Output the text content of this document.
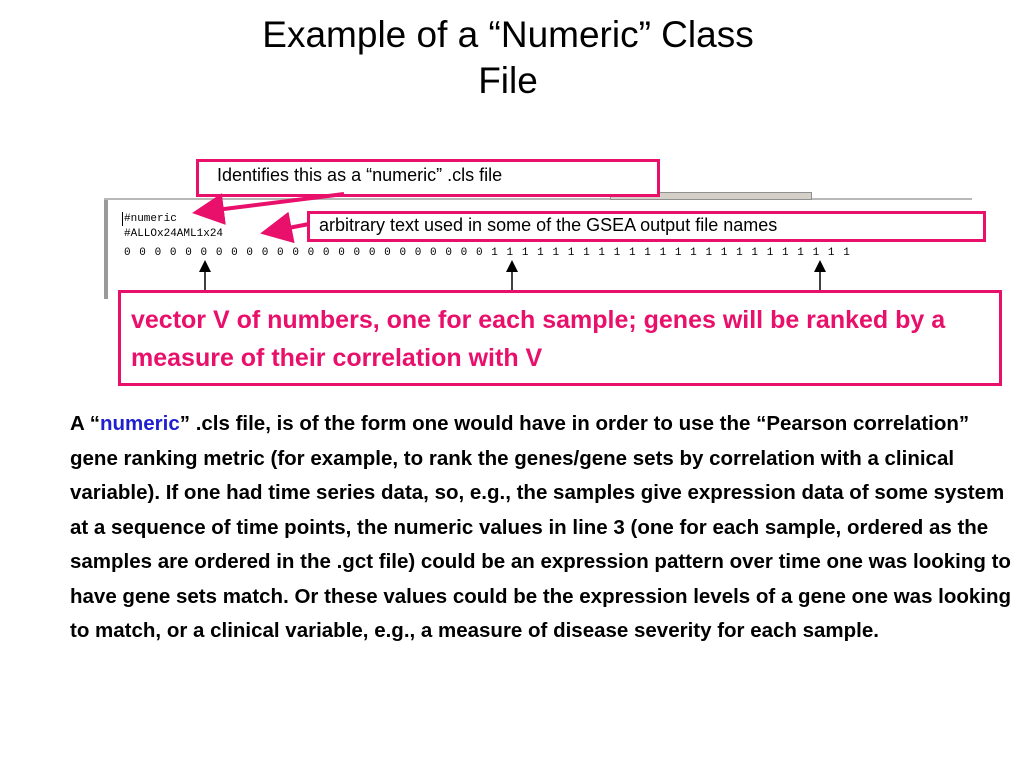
Example of a “Numeric” Class
File
#numeric
#ALLOx24AML1x24
0 0 0 0 0 0 0 0 0 0 0 0 0 0 0 0 0 0 0 0 0 0 0 0 1 1 1 1 1 1 1 1 1 1 1 1 1 1 1 1 1 1 1 1 1 1 1 1
Identifies this as a “numeric” .cls file
arbitrary text used in some of the GSEA output file names
vector V of numbers, one for each sample; genes will be ranked by a measure of their correlation with V
A “numeric” .cls file, is of the form one would have in order to use the “Pearson correlation” gene ranking metric (for example, to rank the genes/gene sets by correlation with a clinical variable). If one had time series data, so, e.g., the samples give expression data of some system at a sequence of time points, the numeric values in line 3 (one for each sample, ordered as the samples are ordered in the .gct file) could be an expression pattern over time one was looking to have gene sets match. Or these values could be the expression levels of a gene one was looking to match, or a clinical variable, e.g., a measure of disease severity for each sample.
